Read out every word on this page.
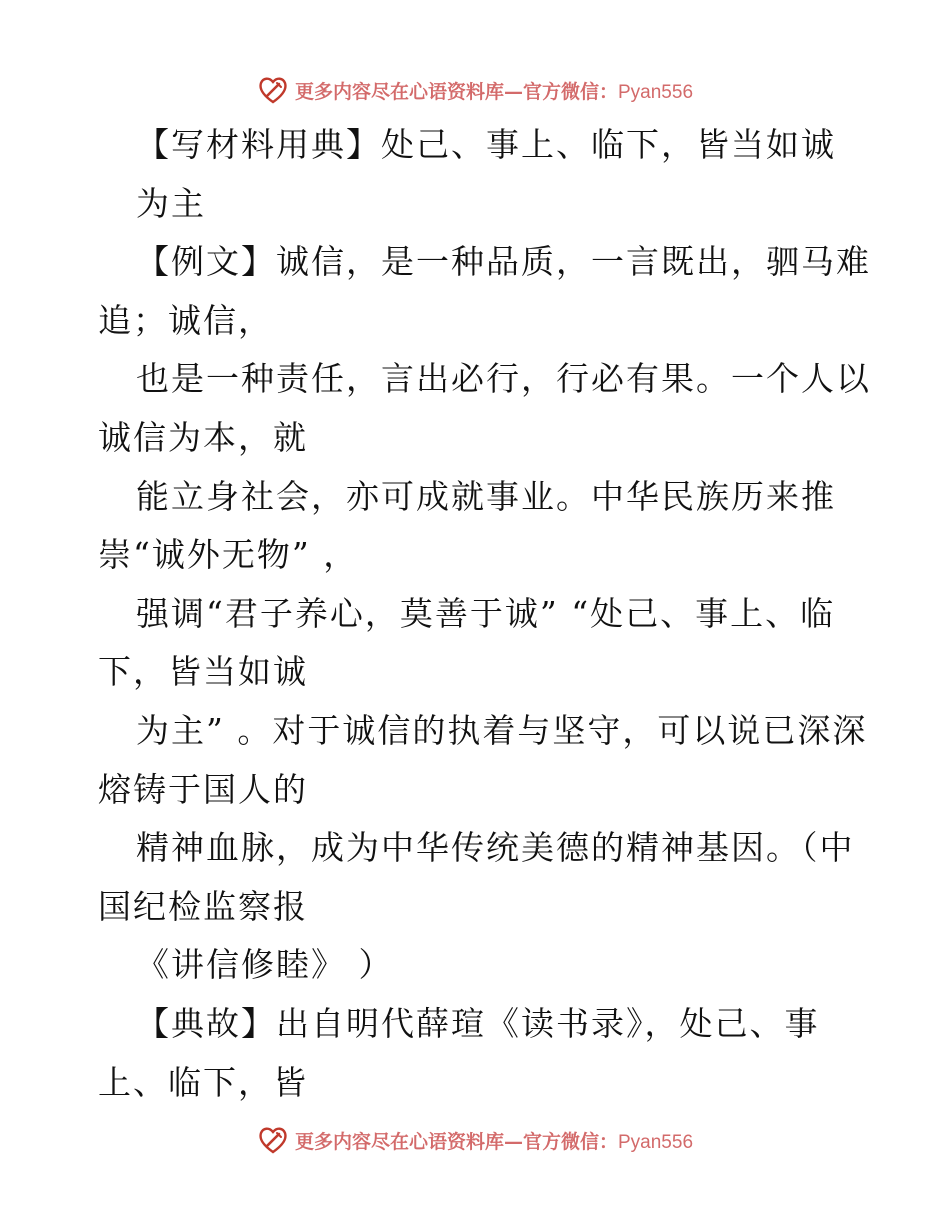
更多内容尽在心语资料库—官方微信：Pyan556
【写材料用典】处己、事上、临下，皆当如诚
为主
【例文】诚信，是一种品质，一言既出，驷马难
追；诚信，
也是一种责任，言出必行，行必有果。一个人以
诚信为本，就
能立身社会，亦可成就事业。中华民族历来推
崇“诚外无物” ，
强调“君子养心，莫善于诚” “处己、事上、临
下，皆当如诚
为主” 。对于诚信的执着与坚守，可以说已深深
熔铸于国人的
精神血脉，成为中华传统美德的精神基因。（中
国纪检监察报
《讲信修睦》 ）
【典故】出自明代薛瑄《读书录》，处己、事
上、临下，皆
更多内容尽在心语资料库—官方微信：Pyan556
